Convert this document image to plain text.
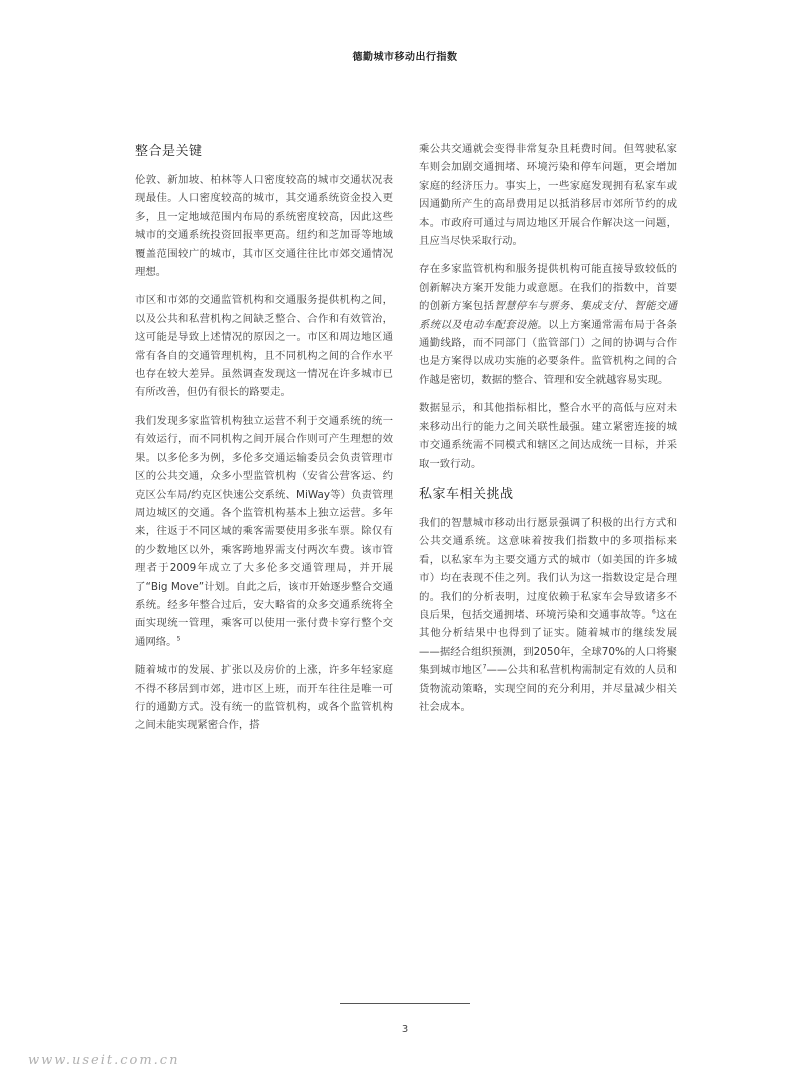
德勤城市移动出行指数
整合是关键

伦敦、新加坡、柏林等人口密度较高的城市交通状况表现最佳。人口密度较高的城市，其交通系统资金投入更多，且一定地域范围内布局的系统密度较高，因此这些城市的交通系统投资回报率更高。纽约和芝加哥等地域覆盖范围较广的城市，其市区交通往往比市郊交通情况理想。

市区和市郊的交通监管机构和交通服务提供机构之间，以及公共和私营机构之间缺乏整合、合作和有效管治，这可能是导致上述情况的原因之一。市区和周边地区通常有各自的交通管理机构，且不同机构之间的合作水平也存在较大差异。虽然调查发现这一情况在许多城市已有所改善，但仍有很长的路要走。

我们发现多家监管机构独立运营不利于交通系统的统一有效运行，而不同机构之间开展合作则可产生理想的效果。以多伦多为例，多伦多交通运输委员会负责管理市区的公共交通，众多小型监管机构（安省公营客运、约克区公车局/约克区快速公交系统、MiWay等）负责管理周边城区的交通。各个监管机构基本上独立运营。多年来，往返于不同区域的乘客需要使用多张车票。除仅有的少数地区以外，乘客跨地界需支付两次车费。该市管理者于2009年成立了大多伦多交通管理局，并开展了“Big Move”计划。自此之后，该市开始逐步整合交通系统。经多年整合过后，安大略省的众多交通系统将全面实现统一管理，乘客可以使用一张付费卡穿行整个交通网络。$^5$

随着城市的发展、扩张以及房价的上涨，许多年轻家庭不得不移居到市郊，进市区上班，而开车往往是唯一可行的通勤方式。没有统一的监管机构，或各个监管机构之间未能实现紧密合作，搭

乘公共交通就会变得非常复杂且耗费时间。但驾驶私家车则会加剧交通拥堵、环境污染和停车问题，更会增加家庭的经济压力。事实上，一些家庭发现拥有私家车或因通勤所产生的高昂费用足以抵消移居市郊所节约的成本。市政府可通过与周边地区开展合作解决这一问题，且应当尽快采取行动。

存在多家监管机构和服务提供机构可能直接导致较低的创新解决方案开发能力或意愿。在我们的指数中，首要的创新方案包括智慧停车与票务、集成支付、智能交通系统以及电动车配套设施。以上方案通常需布局于各条通勤线路，而不同部门（监管部门）之间的协调与合作也是方案得以成功实施的必要条件。监管机构之间的合作越是密切，数据的整合、管理和安全就越容易实现。

数据显示，和其他指标相比，整合水平的高低与应对未来移动出行的能力之间关联性最强。建立紧密连接的城市交通系统需不同模式和辖区之间达成统一目标，并采取一致行动。

私家车相关挑战

我们的智慧城市移动出行愿景强调了积极的出行方式和公共交通系统。这意味着按我们指数中的多项指标来看，以私家车为主要交通方式的城市（如美国的许多城市）均在表现不佳之列。我们认为这一指数设定是合理的。我们的分析表明，过度依赖于私家车会导致诸多不良后果，包括交通拥堵、环境污染和交通事故等。$^6$这在其他分析结果中也得到了证实。随着城市的继续发展——据经合组织预测，到2050年，全球70%的人口将聚集到城市地区$^7$——公共和私营机构需制定有效的人员和货物流动策略，实现空间的充分利用，并尽量减少相关社会成本。

3
www.useit.com.cn
